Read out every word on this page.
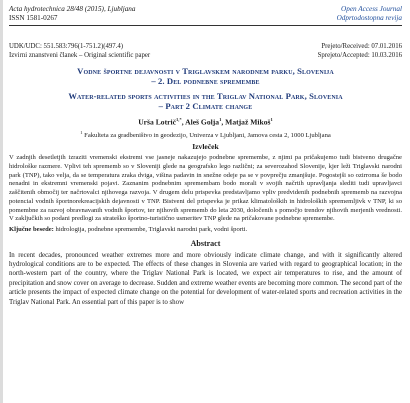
Acta hydrotechnica 28/48 (2015), Ljubljana
ISSN 1581-0267
Open Access Journal
Odprtodostopna revija
UDK/UDC: 551.583:796(1-751.2)(497.4)
Izvirni znanstveni članek – Original scientific paper
Prejeto/Received: 07.01.2016
Sprejeto/Accepted: 10.03.2016
Vodne športne dejavnosti v Triglavskem narodnem parku, Slovenija
– 2. Del podnebne spremembe
Water-related sports activities in the Triglav National Park, Slovenia
– Part 2 Climate change
Urša Lotrič$^{1,*}$, Aleš Golja$^1$, Matjaž Mikoš$^1$
$^1$ Fakulteta za gradbeništvo in geodezijo, Univerza v Ljubljani, Jamova cesta 2, 1000 Ljubljana
Izvleček
V zadnjih desetletjih izraziti vremenski ekstremi vse jasneje nakazujejo podnebne spremembe, z njimi pa pričakujemo tudi bistveno drugačne hidrološke razmere. Vplivi teh sprememb so v Sloveniji glede na geografsko lego različni; za severozahod Slovenije, kjer leži Triglavski narodni park (TNP), tako velja, da se temperatura zraka dviga, višina padavin in snežne odeje pa se v povprečju zmanjšuje. Pogostejši so ozirroma še bodo nenadni in ekstremni vremenski pojavi. Zaznanim podnebnim spremembam bodo morali v svojih načrtih upravljanja slediti tudi upravljavci zaščitenih območij ter načrtovalci njihovega razvoja. V drugem delu prispevka predstavljamo vpliv predvidenih podnebnih sprememb na razvojna potencial vodnih športnorekreacijskih dejavnosti v TNP. Bistveni del prispevka je prikaz klimatoloških in hidroloških sprememljivk v TNP, ki so pomembne za razvoj obravnavanih vodnih športov, ter njihovih sprememb do leta 2030, določenih s pomočjo trendov njihovih merjenih vrednosti. V zaključkih so podani predlogi za strateško športno-turistično usmeritev TNP glede na pričakovane podnebne spremembe.
Ključne besede: hidrologija, podnebne spremembe, Triglavski narodni park, vodni športi.
Abstract
In recent decades, pronounced weather extremes more and more obviously indicate climate change, and with it significantly altered hydrological conditions are to be expected. The effects of these changes in Slovenia are varied with regard to geographical location; in the north-western part of the country, where the Triglav National Park is located, we expect air temperatures to rise, and the amount of precipitation and snow cover on average to decrease. Sudden and extreme weather events are becoming more common. The second part of the article presents the impact of expected climate change on the potential for development of water-related sports and recreation activities in the Triglav National Park. An essential part of this paper is to show
